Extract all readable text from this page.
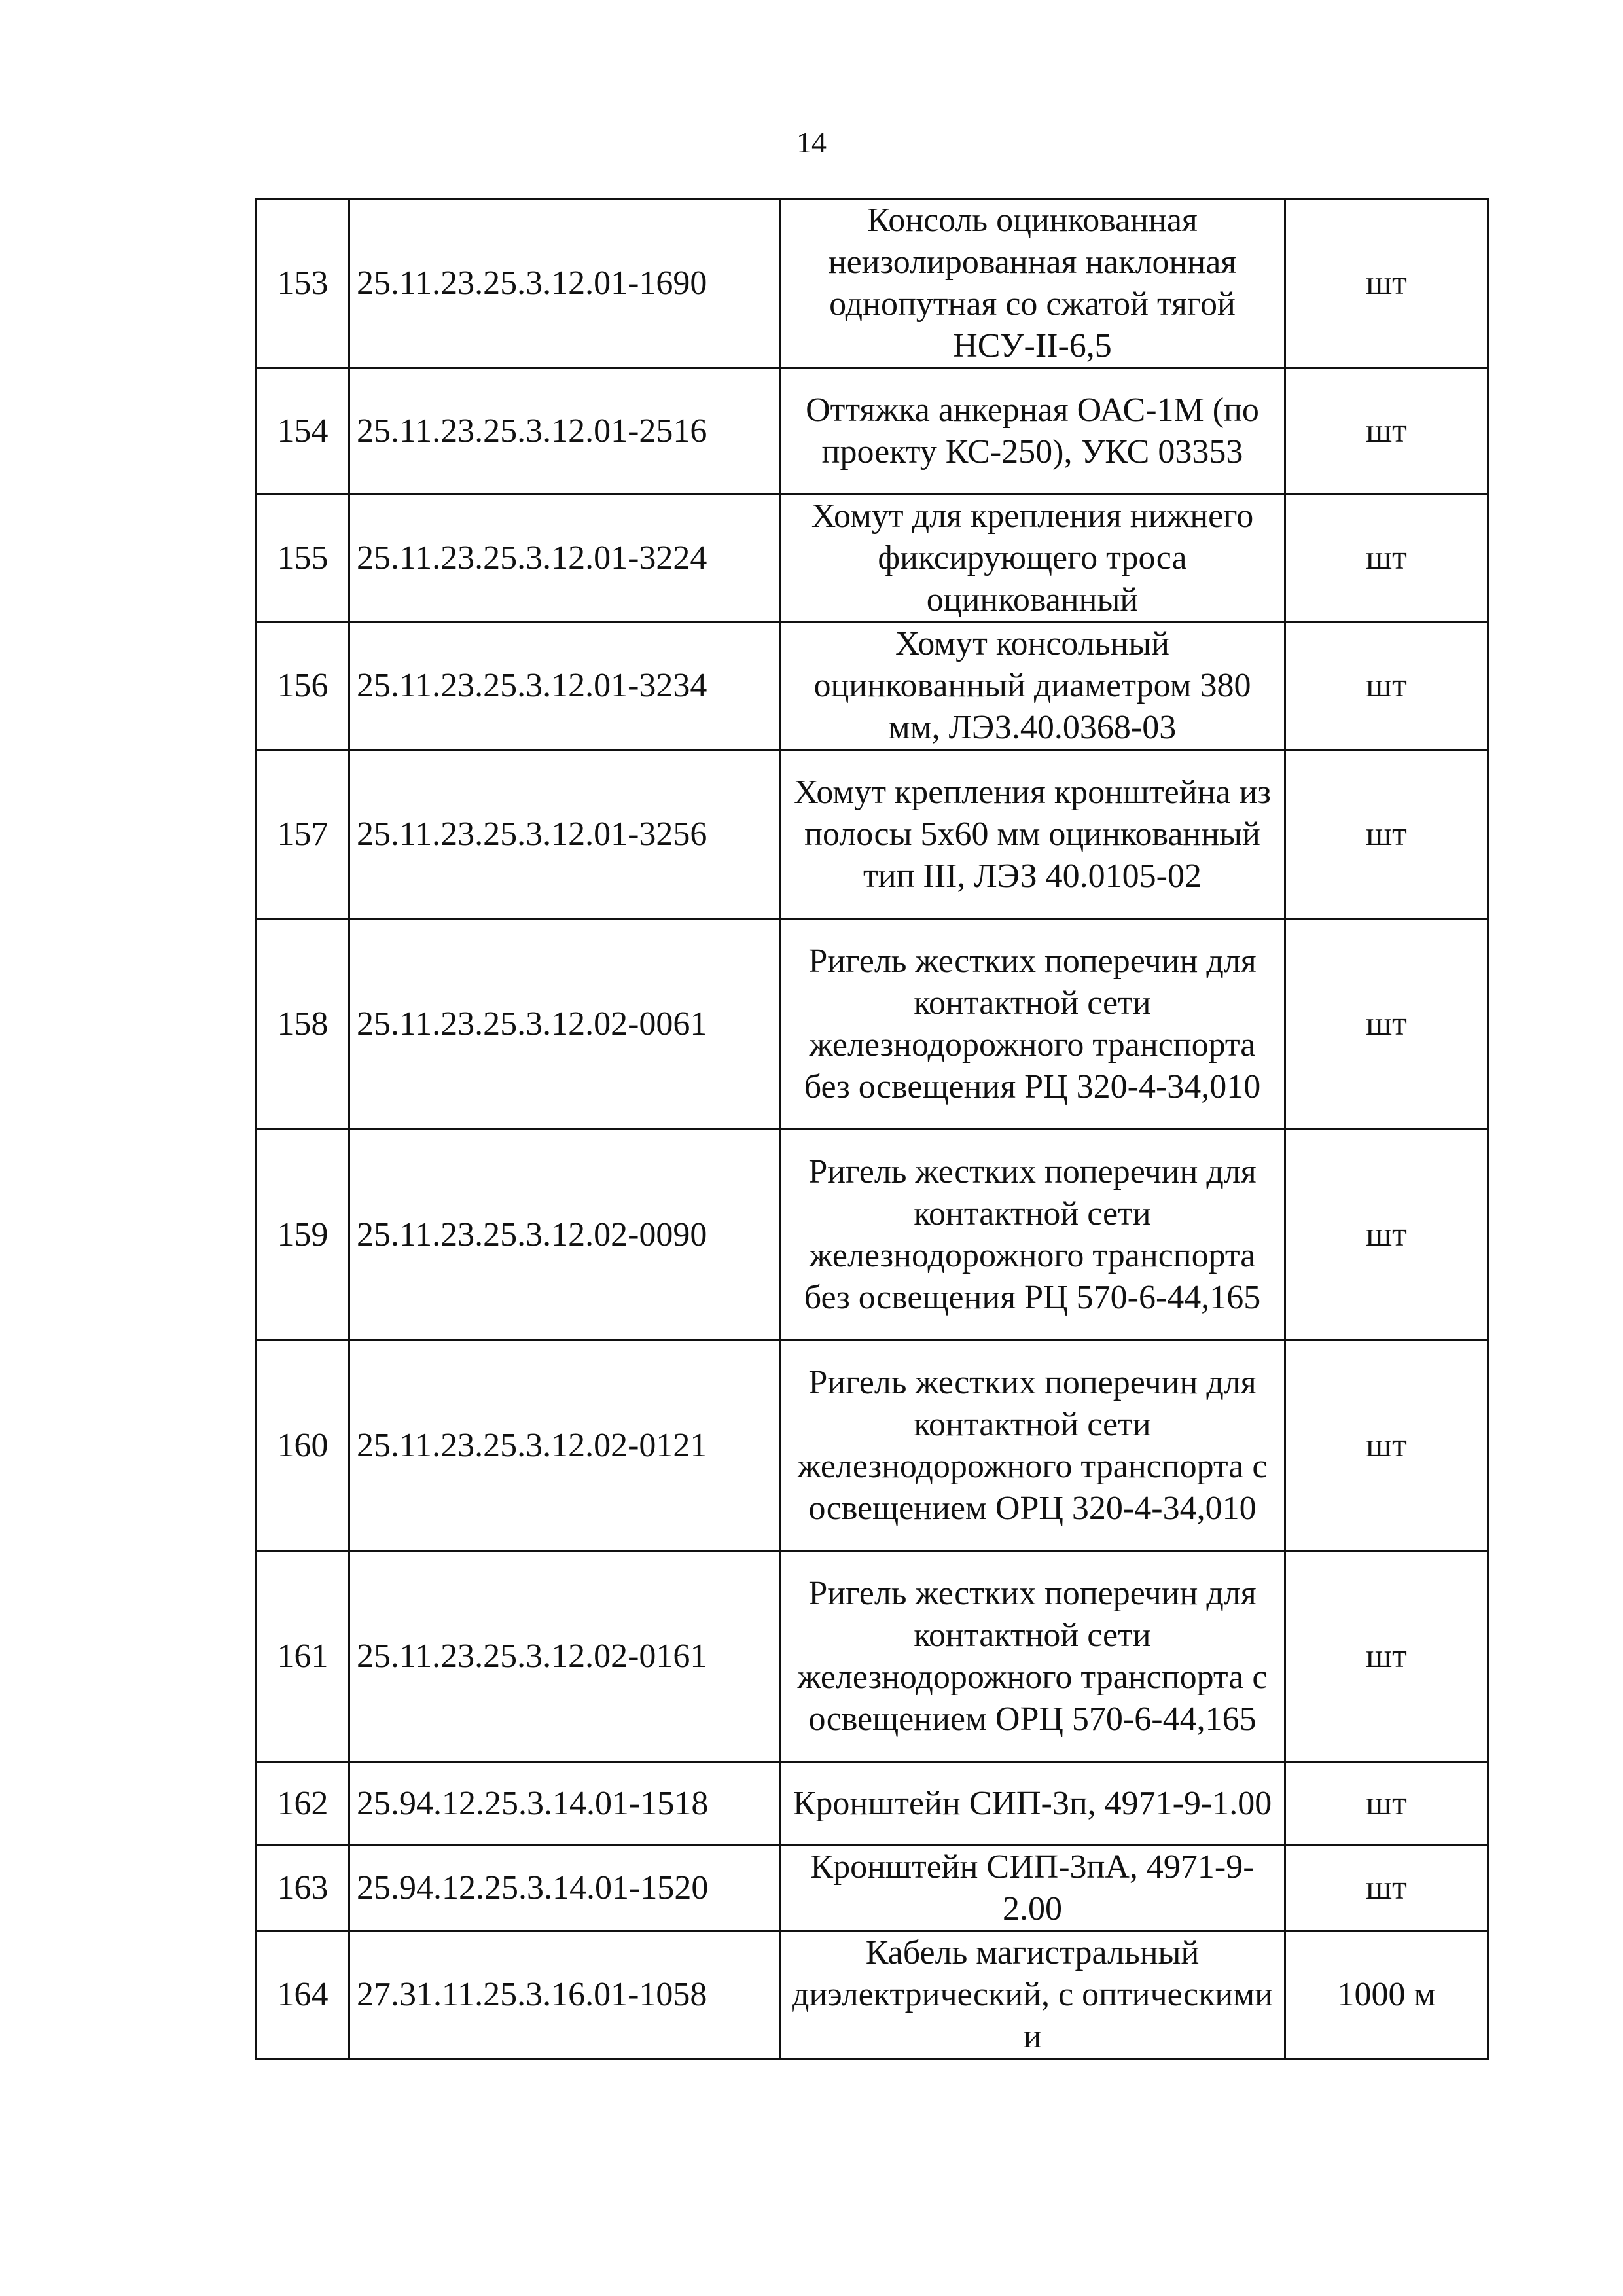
14
153	25.11.23.25.3.12.01-1690	Консоль оцинкованная неизолированная наклонная однопутная со сжатой тягой НСУ-II-6,5	шт
154	25.11.23.25.3.12.01-2516	Оттяжка анкерная ОАС-1М (по проекту КС-250), УКС 03353	шт
155	25.11.23.25.3.12.01-3224	Хомут для крепления нижнего фиксирующего троса оцинкованный	шт
156	25.11.23.25.3.12.01-3234	Хомут консольный оцинкованный диаметром 380 мм, ЛЭЗ.40.0368-03	шт
157	25.11.23.25.3.12.01-3256	Хомут крепления кронштейна из полосы 5x60 мм оцинкованный тип III, ЛЭЗ 40.0105-02	шт
158	25.11.23.25.3.12.02-0061	Ригель жестких поперечин для контактной сети железнодорожного транспорта без освещения РЦ 320-4-34,010	шт
159	25.11.23.25.3.12.02-0090	Ригель жестких поперечин для контактной сети железнодорожного транспорта без освещения РЦ 570-6-44,165	шт
160	25.11.23.25.3.12.02-0121	Ригель жестких поперечин для контактной сети железнодорожного транспорта с освещением ОРЦ 320-4-34,010	шт
161	25.11.23.25.3.12.02-0161	Ригель жестких поперечин для контактной сети железнодорожного транспорта с освещением ОРЦ 570-6-44,165	шт
162	25.94.12.25.3.14.01-1518	Кронштейн СИП-3п, 4971-9-1.00	шт
163	25.94.12.25.3.14.01-1520	Кронштейн СИП-3пА, 4971-9-2.00	шт
164	27.31.11.25.3.16.01-1058	Кабель магистральный диэлектрический, с оптическими и	1000 м
